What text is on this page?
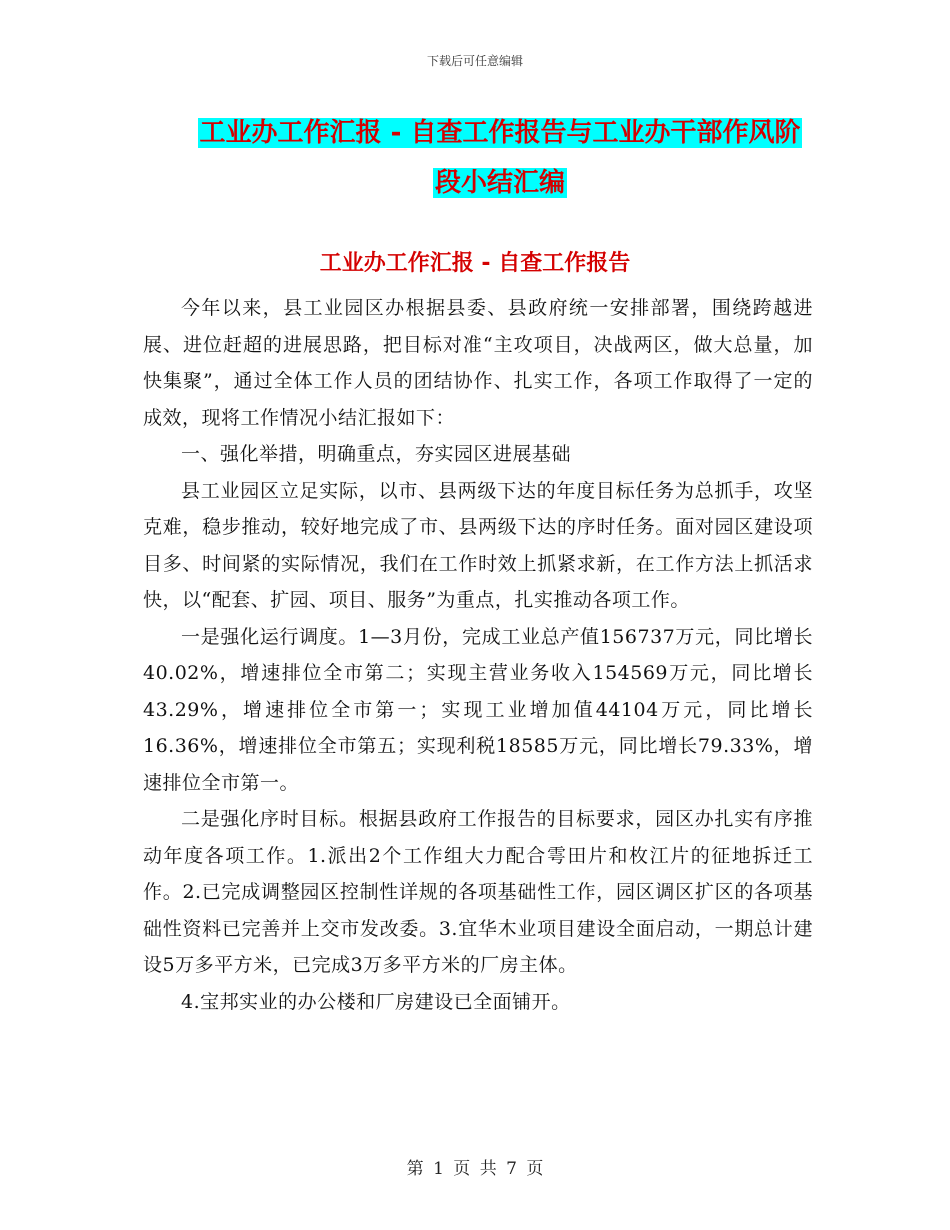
下载后可任意编辑
工业办工作汇报 - 自查工作报告与工业办干部作风阶
段小结汇编
工业办工作汇报 - 自查工作报告

今年以来，县工业园区办根据县委、县政府统一安排部署，围绕跨越进展、进位赶超的进展思路，把目标对准“主攻项目，决战两区，做大总量，加快集聚”，通过全体工作人员的团结协作、扎实工作，各项工作取得了一定的成效，现将工作情况小结汇报如下：

一、强化举措，明确重点，夯实园区进展基础

县工业园区立足实际，以市、县两级下达的年度目标任务为总抓手，攻坚克难，稳步推动，较好地完成了市、县两级下达的序时任务。面对园区建设项目多、时间紧的实际情况，我们在工作时效上抓紧求新，在工作方法上抓活求快，以“配套、扩园、项目、服务”为重点，扎实推动各项工作。

一是强化运行调度。1—3月份，完成工业总产值156737万元，同比增长40.02%，增速排位全市第二；实现主营业务收入154569万元，同比增长43.29%，增速排位全市第一；实现工业增加值44104万元，同比增长16.36%，增速排位全市第五；实现利税18585万元，同比增长79.33%，增速排位全市第一。

二是强化序时目标。根据县政府工作报告的目标要求，园区办扎实有序推动年度各项工作。1.派出2个工作组大力配合雩田片和枚江片的征地拆迁工作。2.已完成调整园区控制性详规的各项基础性工作，园区调区扩区的各项基础性资料已完善并上交市发改委。3.宜华木业项目建设全面启动，一期总计建设5万多平方米，已完成3万多平方米的厂房主体。

4.宝邦实业的办公楼和厂房建设已全面铺开。

第 1 页 共 7 页
